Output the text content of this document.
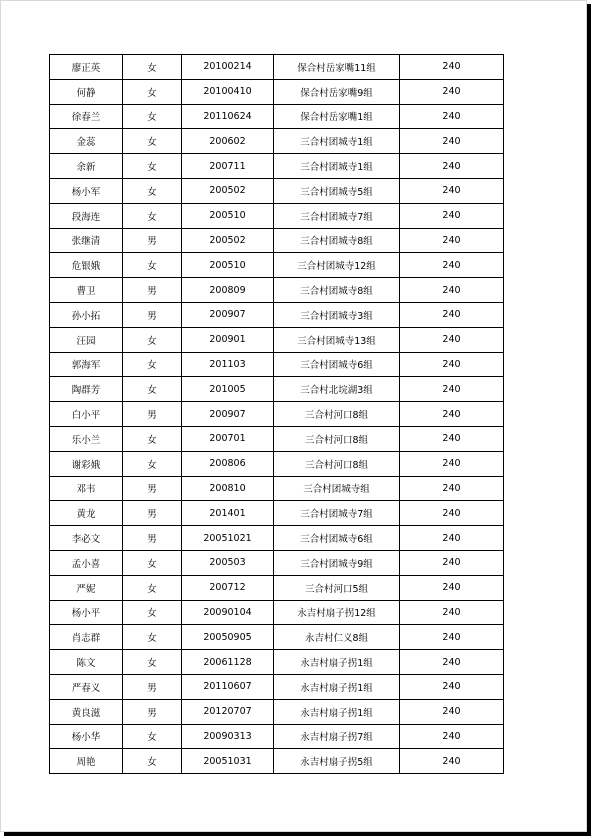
廖正英	女	20100214	保合村岳家嘴11组	240
何静	女	20100410	保合村岳家嘴9组	240
徐春兰	女	20110624	保合村岳家嘴1组	240
金蕊	女	200602	三合村团城寺1组	240
余新	女	200711	三合村团城寺1组	240
杨小军	女	200502	三合村团城寺5组	240
段海连	女	200510	三合村团城寺7组	240
张继清	男	200502	三合村团城寺8组	240
危银娥	女	200510	三合村团城寺12组	240
曹卫	男	200809	三合村团城寺8组	240
孙小拓	男	200907	三合村团城寺3组	240
汪园	女	200901	三合村团城寺13组	240
郭海军	女	201103	三合村团城寺6组	240
陶群芳	女	201005	三合村北垸湖3组	240
白小平	男	200907	三合村河口8组	240
乐小兰	女	200701	三合村河口8组	240
谢彩娥	女	200806	三合村河口8组	240
邓韦	男	200810	三合村团城寺组	240
黄龙	男	201401	三合村团城寺7组	240
李必文	男	20051021	三合村团城寺6组	240
孟小喜	女	200503	三合村团城寺9组	240
严妮	女	200712	三合村河口5组	240
杨小平	女	20090104	永吉村扇子拐12组	240
肖志群	女	20050905	永吉村仁义8组	240
陈文	女	20061128	永吉村扇子拐1组	240
严春义	男	20110607	永吉村扇子拐1组	240
黄良滋	男	20120707	永吉村扇子拐1组	240
杨小华	女	20090313	永吉村扇子拐7组	240
周艳	女	20051031	永吉村扇子拐5组	240
